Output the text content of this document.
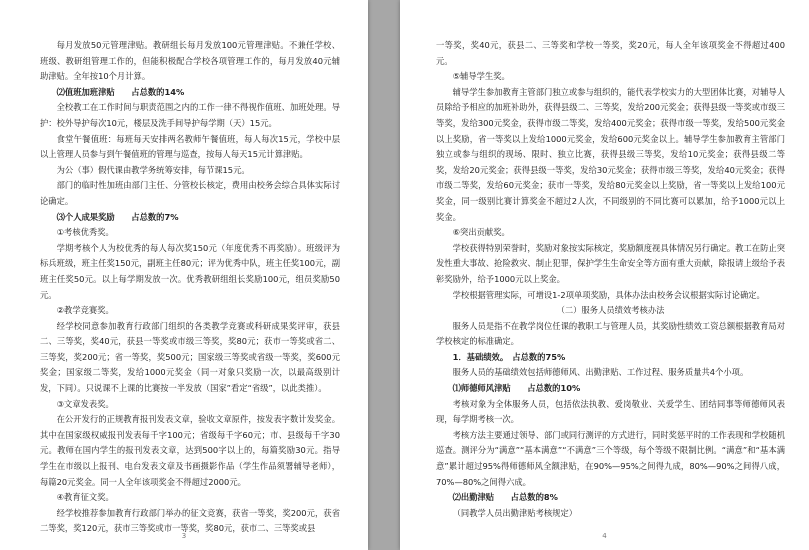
每月发放50元管理津贴。教研组长每月发放100元管理津贴。不兼任学校、班级、教研组管理工作的，但能积极配合学校各项管理工作的，每月发放40元辅助津贴。全年按10个月计算。

⑵值班加班津贴　　占总数的14%

全校教工在工作时间与职责范围之内的工作一律不得视作值班、加班处理。导护：校外导护每次10元，楼层及洗手间导护每学期（天）15元。

食堂午餐值班：每班每天安排两名教师午餐值班，每人每次15元，学校中层以上管理人员参与到午餐值班的管理与巡查，按每人每天15元计算津贴。

为公（事）假代课由教学务统筹安排，每节课15元。

部门的临时性加班由部门主任、分管校长核定，费用由校务会综合具体实际讨论确定。

⑶个人成果奖励　　占总数的7%

①考核优秀奖。

学期考核个人为校优秀的每人每次奖150元（年度优秀不再奖励）。班级评为标兵班级，班主任奖150元，副班主任80元；评为优秀中队，班主任奖100元，副班主任奖50元。以上每学期发放一次。优秀教研组组长奖励100元，组员奖励50元。

②教学竞赛奖。

经学校同意参加教育行政部门组织的各类教学竞赛或科研成果奖评审，获县二、三等奖，奖40元，获县一等奖或市级三等奖，奖80元；获市一等奖或省二、三等奖，奖200元；省一等奖，奖500元；国家级三等奖或省级一等奖，奖600元奖金；国家级二等奖，发给1000元奖金（同一对象只奖励一次，以最高级别计发，下同）。只说课不上课的比赛按一半发放（国家”看定“省级”，以此类推）。

③文章发表奖。

在公开发行的正规教育报刊发表文章，验收文章原件，按发表字数计发奖金。其中在国家级权威报刊发表每千字100元；省级每千字60元；市、县级每千字30元。教师在国内学生的报刊发表文章，达到500字以上的，每篇奖励30元。指导学生在市级以上报刊、电台发表文章及书画摄影作品（学生作品须署辅导老师），每篇20元奖金。同一人全年该项奖金不得超过2000元。

④教育征文奖。

经学校推荐参加教育行政部门举办的征文竞赛，获省一等奖，奖200元，获省二等奖，奖120元，获市三等奖或市一等奖，奖80元，获市二、三等奖或县

3

一等奖，奖40元，获县二、三等奖和学校一等奖，奖20元，每人全年该项奖金不得超过400元。

⑤辅导学生奖。

辅导学生参加教育主管部门独立或参与组织的，能代表学校实力的大型团体比赛，对辅导人员除给予相应的加班补助外，获得县级二、三等奖，发给200元奖金；获得县级一等奖或市级三等奖，发给300元奖金，获得市级二等奖，发给400元奖金；获得市级一等奖，发给500元奖金以上奖励，省一等奖以上发给1000元奖金，发给600元奖金以上。辅导学生参加教育主管部门独立或参与组织的现场、限时、独立比赛，获得县级三等奖，发给10元奖金；获得县级二等奖，发给20元奖金；获得县级一等奖，发给30元奖金；获得市级三等奖，发给40元奖金；获得市级二等奖，发给60元奖金；获市一等奖，发给80元奖金以上奖励，省一等奖以上发给100元奖金，同一级别比赛计算奖金不超过2人次，不同级别的不同比赛可以累加，给予1000元以上奖金。

⑥突出贡献奖。

学校获得特别荣誉时，奖励对象按实际核定，奖励额度视具体情况另行确定。教工在防止突发性重大事故、抢险救灾、制止犯罪，保护学生生命安全等方面有重大贡献，除报请上级给予表彰奖励外，给予1000元以上奖金。

学校根据管理实际，可增设1-2项单项奖励，具体办法由校务会议根据实际讨论确定。

（二）服务人员绩效考核办法

服务人员是指不在教学岗位任课的教职工与管理人员，其奖励性绩效工资总额根据教育局对学校核定的标准确定。

1．基础绩效。　占总数的75%

服务人员的基础绩效包括师德师风、出勤津贴、工作过程、服务质量共4个小项。

⑴师德师风津贴　　占总数的10%

考核对象为全体服务人员，包括依法执教、爱岗敬业、关爱学生、团结同事等师德师风表现，每学期考核一次。

考核方法主要通过领导、部门或同行测评的方式进行，同时奖惩平时的工作表现和学校随机巡查。测评分为“满意”“基本满意”“不满意”三个等级，每个等级不限制比例。“满意”和“基本满意”累计超过95%得师德师风全额津贴，在90%—95%之间得九成，80%—90%之间得八成，70%—80%之间得六成。

⑵出勤津贴　　占总数的8%

（同教学人员出勤津贴考核规定）

4
